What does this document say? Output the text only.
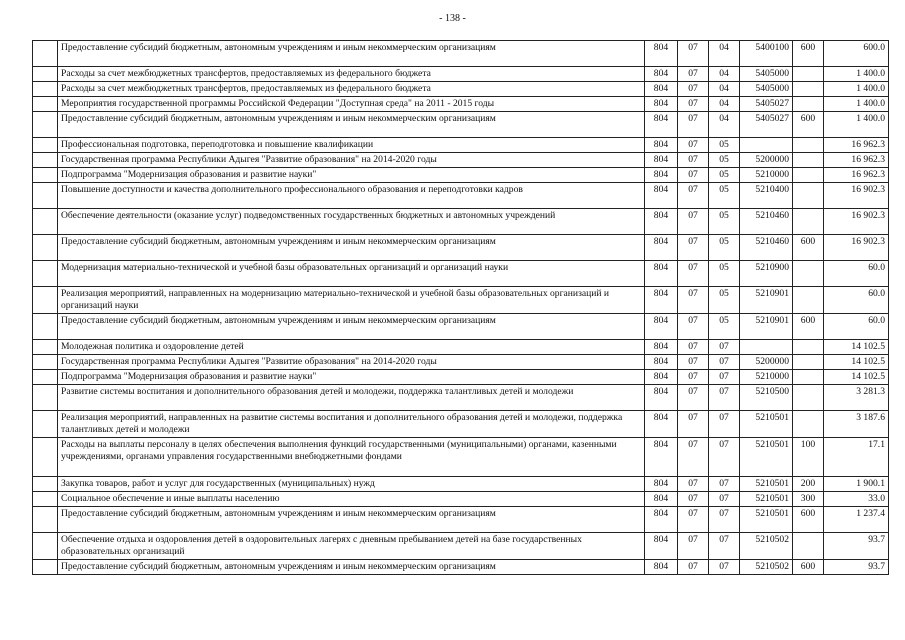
- 138 -
	Предоставление субсидий бюджетным, автономным учреждениям и иным некоммерческим организациям	804	07	04	5400100	600	600.0
	Расходы за счет межбюджетных трансфертов, предоставляемых из федерального бюджета	804	07	04	5405000		1 400.0
	Расходы за счет межбюджетных трансфертов, предоставляемых из федерального бюджета	804	07	04	5405000		1 400.0
	Мероприятия государственной программы Российской Федерации "Доступная среда" на 2011 - 2015 годы	804	07	04	5405027		1 400.0
	Предоставление субсидий бюджетным, автономным учреждениям и иным некоммерческим организациям	804	07	04	5405027	600	1 400.0
	Профессиональная подготовка, переподготовка и повышение квалификации	804	07	05			16 962.3
	Государственная программа Республики Адыгея "Развитие образования" на 2014-2020 годы	804	07	05	5200000		16 962.3
	Подпрограмма "Модернизация образования и развитие науки"	804	07	05	5210000		16 962.3
	Повышение доступности и качества дополнительного профессионального образования и переподготовки кадров	804	07	05	5210400		16 902.3
	Обеспечение деятельности (оказание услуг) подведомственных государственных бюджетных и автономных учреждений	804	07	05	5210460		16 902.3
	Предоставление субсидий бюджетным, автономным учреждениям и иным некоммерческим организациям	804	07	05	5210460	600	16 902.3
	Модернизация материально-технической и учебной базы образовательных организаций и организаций науки	804	07	05	5210900		60.0
	Реализация мероприятий, направленных на модернизацию материально-технической и учебной базы образовательных организаций и организаций науки	804	07	05	5210901		60.0
	Предоставление субсидий бюджетным, автономным учреждениям и иным некоммерческим организациям	804	07	05	5210901	600	60.0
	Молодежная политика и оздоровление детей	804	07	07			14 102.5
	Государственная программа Республики Адыгея "Развитие образования" на 2014-2020 годы	804	07	07	5200000		14 102.5
	Подпрограмма "Модернизация образования и развитие науки"	804	07	07	5210000		14 102.5
	Развитие системы воспитания и дополнительного образования детей и молодежи, поддержка талантливых детей и молодежи	804	07	07	5210500		3 281.3
	Реализация мероприятий, направленных на развитие системы воспитания и дополнительного образования детей и молодежи, поддержка талантливых детей и молодежи	804	07	07	5210501		3 187.6
	Расходы на выплаты персоналу в целях обеспечения выполнения функций государственными (муниципальными) органами, казенными учреждениями, органами управления государственными внебюджетными фондами	804	07	07	5210501	100	17.1
	Закупка товаров, работ и услуг для государственных (муниципальных) нужд	804	07	07	5210501	200	1 900.1
	Социальное обеспечение и иные выплаты населению	804	07	07	5210501	300	33.0
	Предоставление субсидий бюджетным, автономным учреждениям и иным некоммерческим организациям	804	07	07	5210501	600	1 237.4
	Обеспечение отдыха и оздоровления детей в оздоровительных лагерях с дневным пребыванием детей на базе государственных образовательных организаций	804	07	07	5210502		93.7
	Предоставление субсидий бюджетным, автономным учреждениям и иным некоммерческим организациям	804	07	07	5210502	600	93.7
